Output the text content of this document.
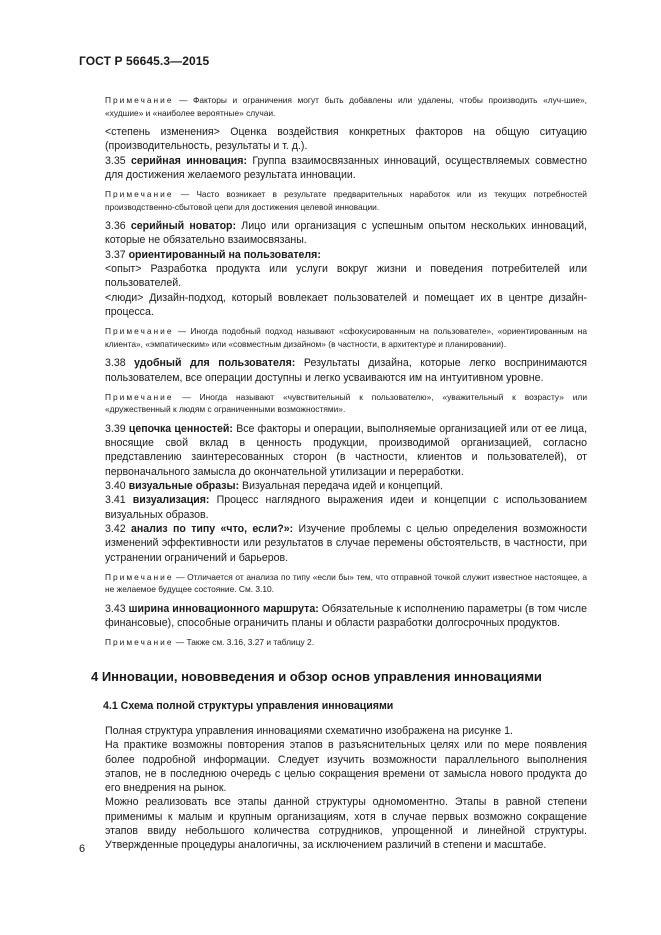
ГОСТ Р 56645.3—2015

Примечание — Факторы и ограничения могут быть добавлены или удалены, чтобы производить «луч-шие», «худшие» и «наиболее вероятные» случаи.

<степень изменения> Оценка воздействия конкретных факторов на общую ситуацию (производительность, результаты и т. д.).

3.35 серийная инновация: Группа взаимосвязанных инноваций, осуществляемых совместно для достижения желаемого результата инновации.

Примечание — Часто возникает в результате предварительных наработок или из текущих потребностей производственно-сбытовой цепи для достижения целевой инновации.

3.36 серийный новатор: Лицо или организация с успешным опытом нескольких инноваций, которые не обязательно взаимосвязаны.

3.37 ориентированный на пользователя:

<опыт> Разработка продукта или услуги вокруг жизни и поведения потребителей или пользователей.

<люди> Дизайн-подход, который вовлекает пользователей и помещает их в центре дизайн-процесса.

Примечание — Иногда подобный подход называют «сфокусированным на пользователе», «ориентированным на клиента», «эмпатическим» или «совместным дизайном» (в частности, в архитектуре и планировании).

3.38 удобный для пользователя: Результаты дизайна, которые легко воспринимаются пользователем, все операции доступны и легко усваиваются им на интуитивном уровне.

Примечание — Иногда называют «чувствительный к пользователю», «уважительный к возрасту» или «дружественный к людям с ограниченными возможностями».

3.39 цепочка ценностей: Все факторы и операции, выполняемые организацией или от ее лица, вносящие свой вклад в ценность продукции, производимой организацией, согласно представлению заинтересованных сторон (в частности, клиентов и пользователей), от первоначального замысла до окончательной утилизации и переработки.

3.40 визуальные образы: Визуальная передача идей и концепций.

3.41 визуализация: Процесс наглядного выражения идеи и концепции с использованием визуальных образов.

3.42 анализ по типу «что, если?»: Изучение проблемы с целью определения возможности изменений эффективности или результатов в случае перемены обстоятельств, в частности, при устранении ограничений и барьеров.

Примечание — Отличается от анализа по типу «если бы» тем, что отправной точкой служит известное настоящее, а не желаемое будущее состояние. См. 3.10.

3.43 ширина инновационного маршрута: Обязательные к исполнению параметры (в том числе финансовые), способные ограничить планы и области разработки долгосрочных продуктов.

Примечание — Также см. 3.16, 3.27 и таблицу 2.

4 Инновации, нововведения и обзор основ управления инновациями

4.1 Схема полной структуры управления инновациями

Полная структура управления инновациями схематично изображена на рисунке 1.

На практике возможны повторения этапов в разъяснительных целях или по мере появления более подробной информации. Следует изучить возможности параллельного выполнения этапов, не в последнюю очередь с целью сокращения времени от замысла нового продукта до его внедрения на рынок.

Можно реализовать все этапы данной структуры одномоментно. Этапы в равной степени применимы к малым и крупным организациям, хотя в случае первых возможно сокращение этапов ввиду небольшого количества сотрудников, упрощенной и линейной структуры. Утвержденные процедуры аналогичны, за исключением различий в степени и масштабе.

6
